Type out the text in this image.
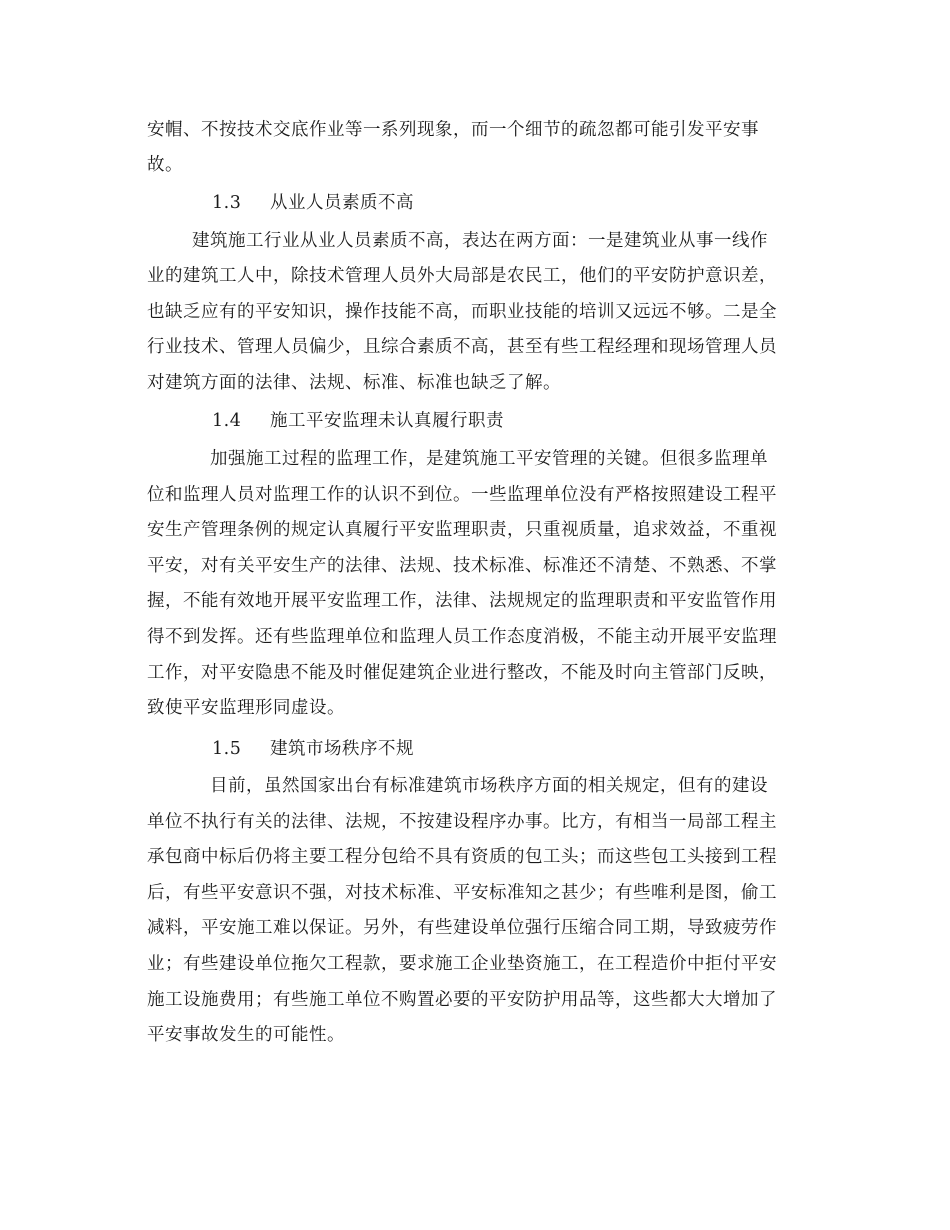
安帽、不按技术交底作业等一系列现象，而一个细节的疏忽都可能引发平安事
故。
1.3 从业人员素质不高
建筑施工行业从业人员素质不高，表达在两方面：一是建筑业从事一线作
业的建筑工人中，除技术管理人员外大局部是农民工，他们的平安防护意识差，
也缺乏应有的平安知识，操作技能不高，而职业技能的培训又远远不够。二是全
行业技术、管理人员偏少，且综合素质不高，甚至有些工程经理和现场管理人员
对建筑方面的法律、法规、标准、标准也缺乏了解。
1.4 施工平安监理未认真履行职责
加强施工过程的监理工作，是建筑施工平安管理的关键。但很多监理单
位和监理人员对监理工作的认识不到位。一些监理单位没有严格按照建设工程平
安生产管理条例的规定认真履行平安监理职责，只重视质量，追求效益，不重视
平安，对有关平安生产的法律、法规、技术标准、标准还不清楚、不熟悉、不掌
握，不能有效地开展平安监理工作，法律、法规规定的监理职责和平安监管作用
得不到发挥。还有些监理单位和监理人员工作态度消极，不能主动开展平安监理
工作，对平安隐患不能及时催促建筑企业进行整改，不能及时向主管部门反映，
致使平安监理形同虚设。
1.5 建筑市场秩序不规
目前，虽然国家出台有标准建筑市场秩序方面的相关规定，但有的建设
单位不执行有关的法律、法规，不按建设程序办事。比方，有相当一局部工程主
承包商中标后仍将主要工程分包给不具有资质的包工头；而这些包工头接到工程
后，有些平安意识不强，对技术标准、平安标准知之甚少；有些唯利是图，偷工
减料，平安施工难以保证。另外，有些建设单位强行压缩合同工期，导致疲劳作
业；有些建设单位拖欠工程款，要求施工企业垫资施工，在工程造价中拒付平安
施工设施费用；有些施工单位不购置必要的平安防护用品等，这些都大大增加了
平安事故发生的可能性。
